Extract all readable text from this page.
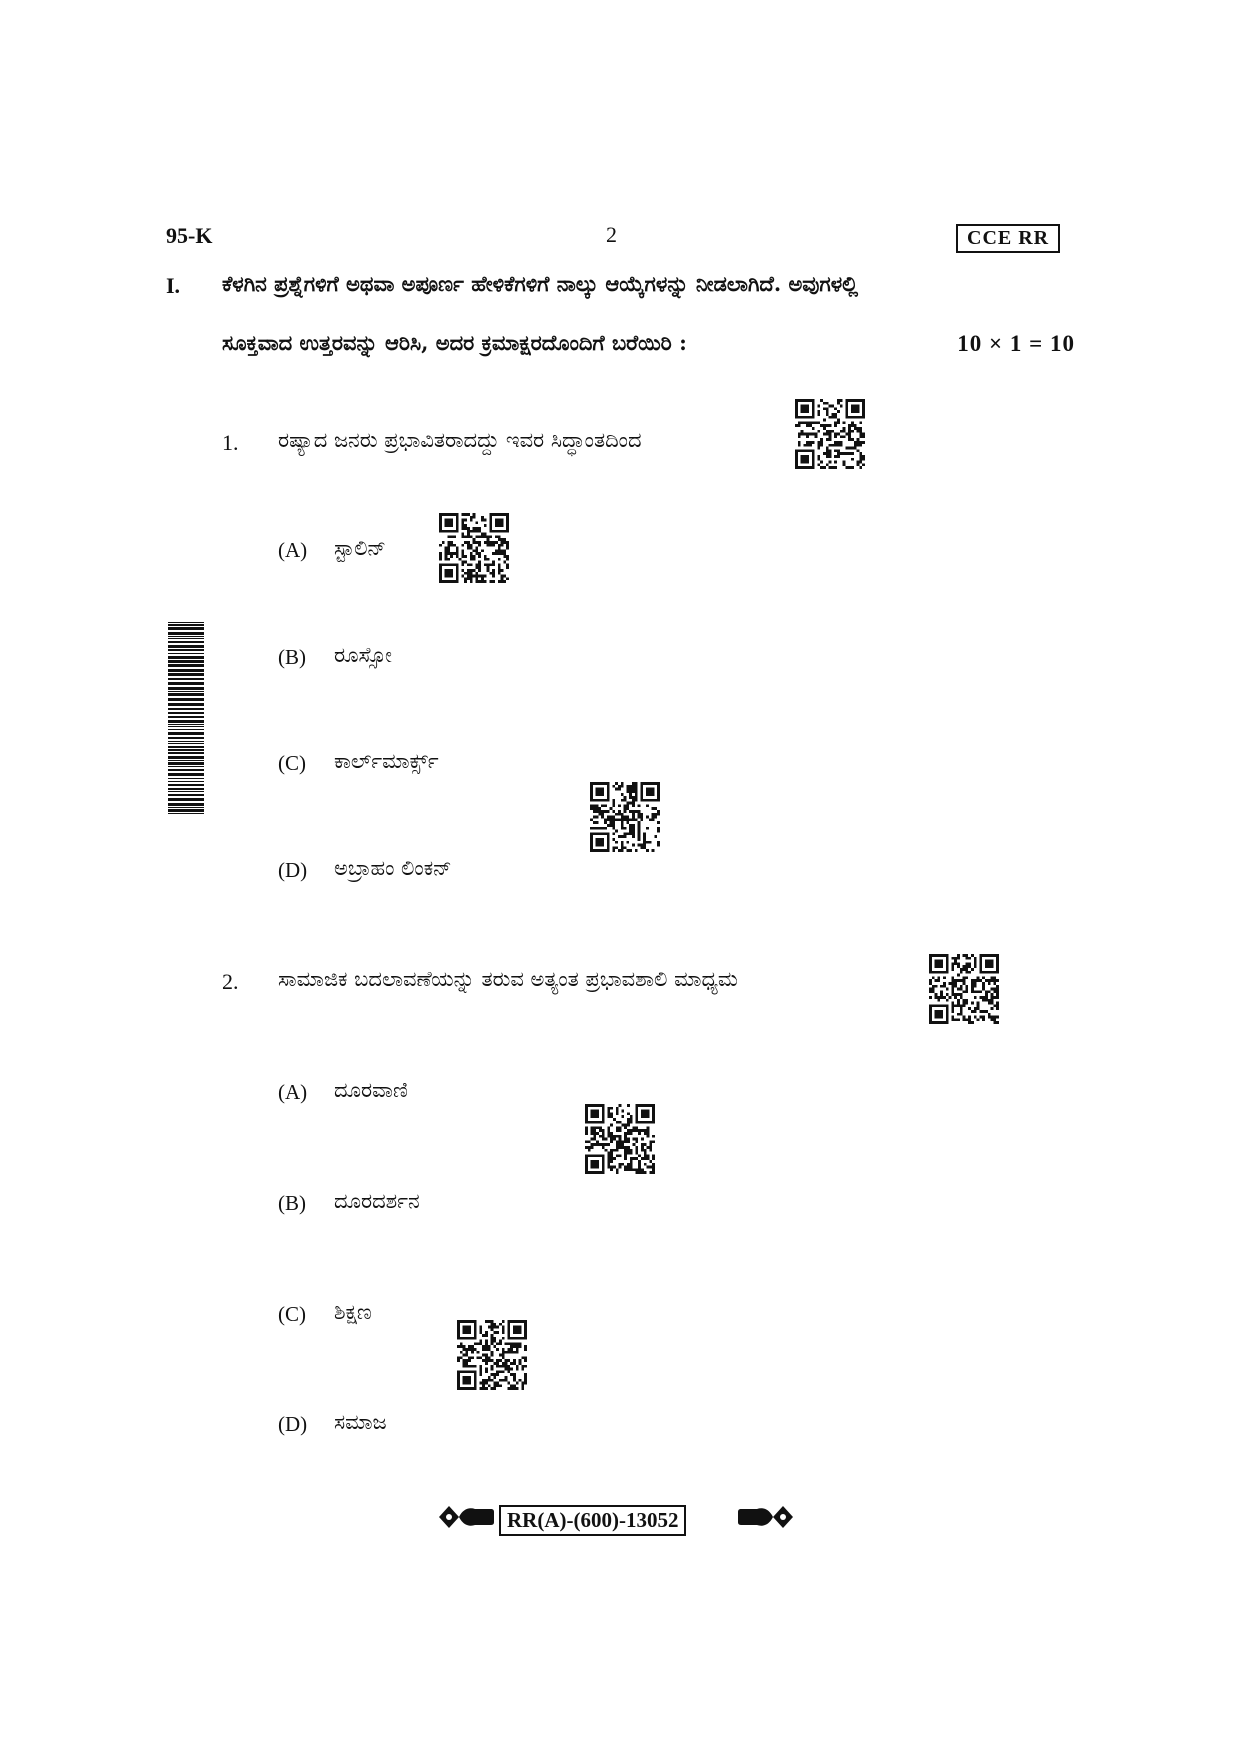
95-K	2	CCE RR
I. ಕೆಳಗಿನ ಪ್ರಶ್ನೆಗಳಿಗೆ ಅಥವಾ ಅಪೂರ್ಣ ಹೇಳಿಕೆಗಳಿಗೆ ನಾಲ್ಕು ಆಯ್ಕೆಗಳನ್ನು ನೀಡಲಾಗಿದೆ. ಅವುಗಳಲ್ಲಿ
ಸೂಕ್ತವಾದ ಉತ್ತರವನ್ನು ಆರಿಸಿ, ಅದರ ಕ್ರಮಾಕ್ಷರದೊಂದಿಗೆ ಬರೆಯಿರಿ :	10 × 1 = 10
1. ರಷ್ಯಾದ ಜನರು ಪ್ರಭಾವಿತರಾದದ್ದು ಇವರ ಸಿದ್ಧಾಂತದಿಂದ
(A) ಸ್ಟಾಲಿನ್
(B) ರೂಸ್ಸೋ
(C) ಕಾರ್ಲ್‌ಮಾರ್ಕ್ಸ್
(D) ಅಬ್ರಾಹಂ ಲಿಂಕನ್
2. ಸಾಮಾಜಿಕ ಬದಲಾವಣೆಯನ್ನು ತರುವ ಅತ್ಯಂತ ಪ್ರಭಾವಶಾಲಿ ಮಾಧ್ಯಮ
(A) ದೂರವಾಣಿ
(B) ದೂರದರ್ಶನ
(C) ಶಿಕ್ಷಣ
(D) ಸಮಾಜ
RR(A)-(600)-13052
